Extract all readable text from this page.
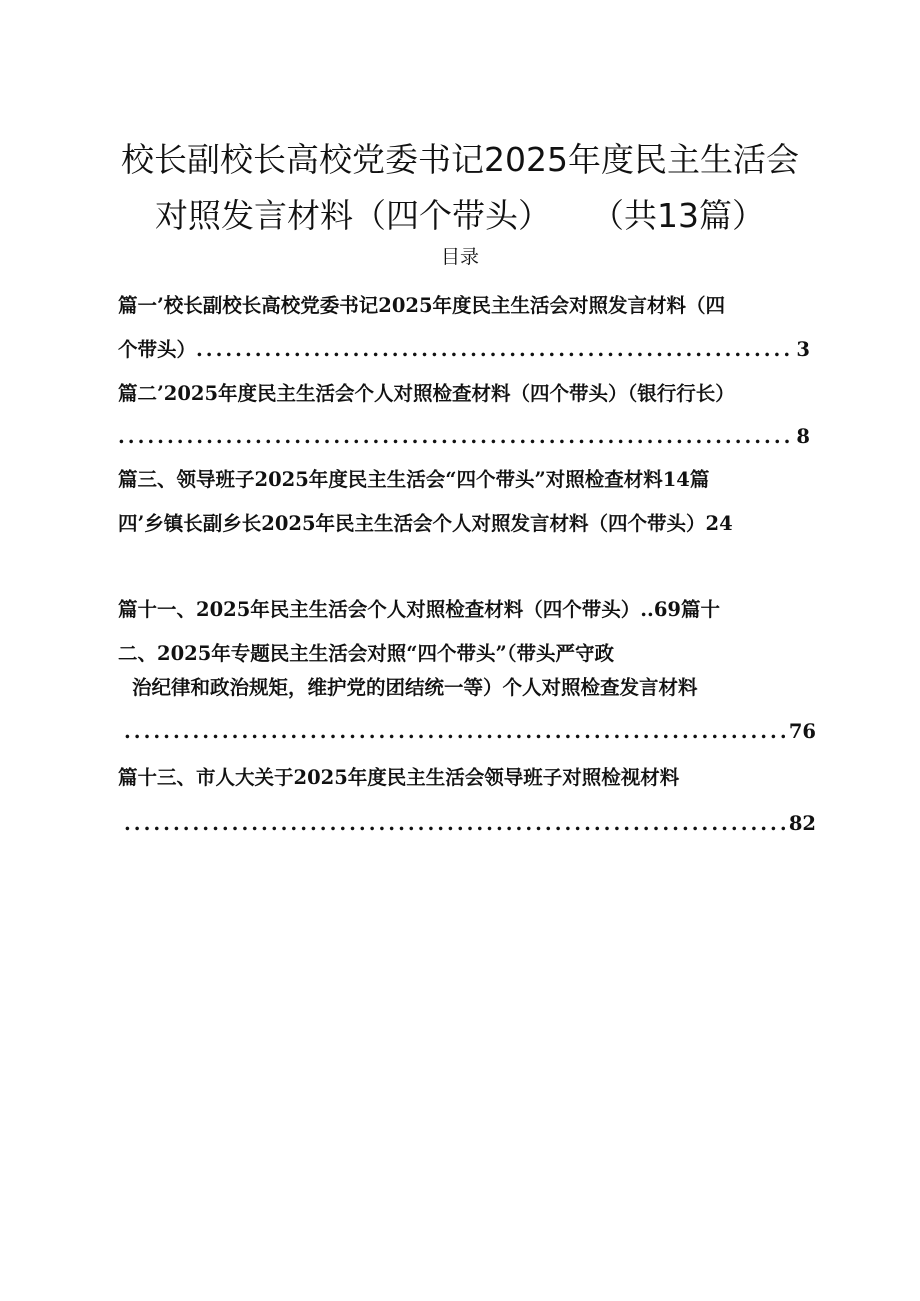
校长副校长高校党委书记2025年度民主生活会
对照发言材料（四个带头） （共13篇）
目录
篇一’校长副校长高校党委书记2025年度民主生活会对照发言材料（四
个带头）
.....	3
篇二’2025年度民主生活会个人对照检查材料（四个带头）（银行行长）
.....
8
篇三、领导班子2025年度民主生活会“四个带头”对照检查材料14篇
四’乡镇长副乡长2025年民主生活会个人对照发言材料（四个带头）24
篇十一、2025年民主生活会个人对照检查材料（四个带头）..69篇十
二、2025年专题民主生活会对照“四个带头”（带头严守政
治纪律和政治规矩，维护党的团结统一等）个人对照检查发言材料
.....
76
篇十三、市人大关于2025年度民主生活会领导班子对照检视材料
.....
82
